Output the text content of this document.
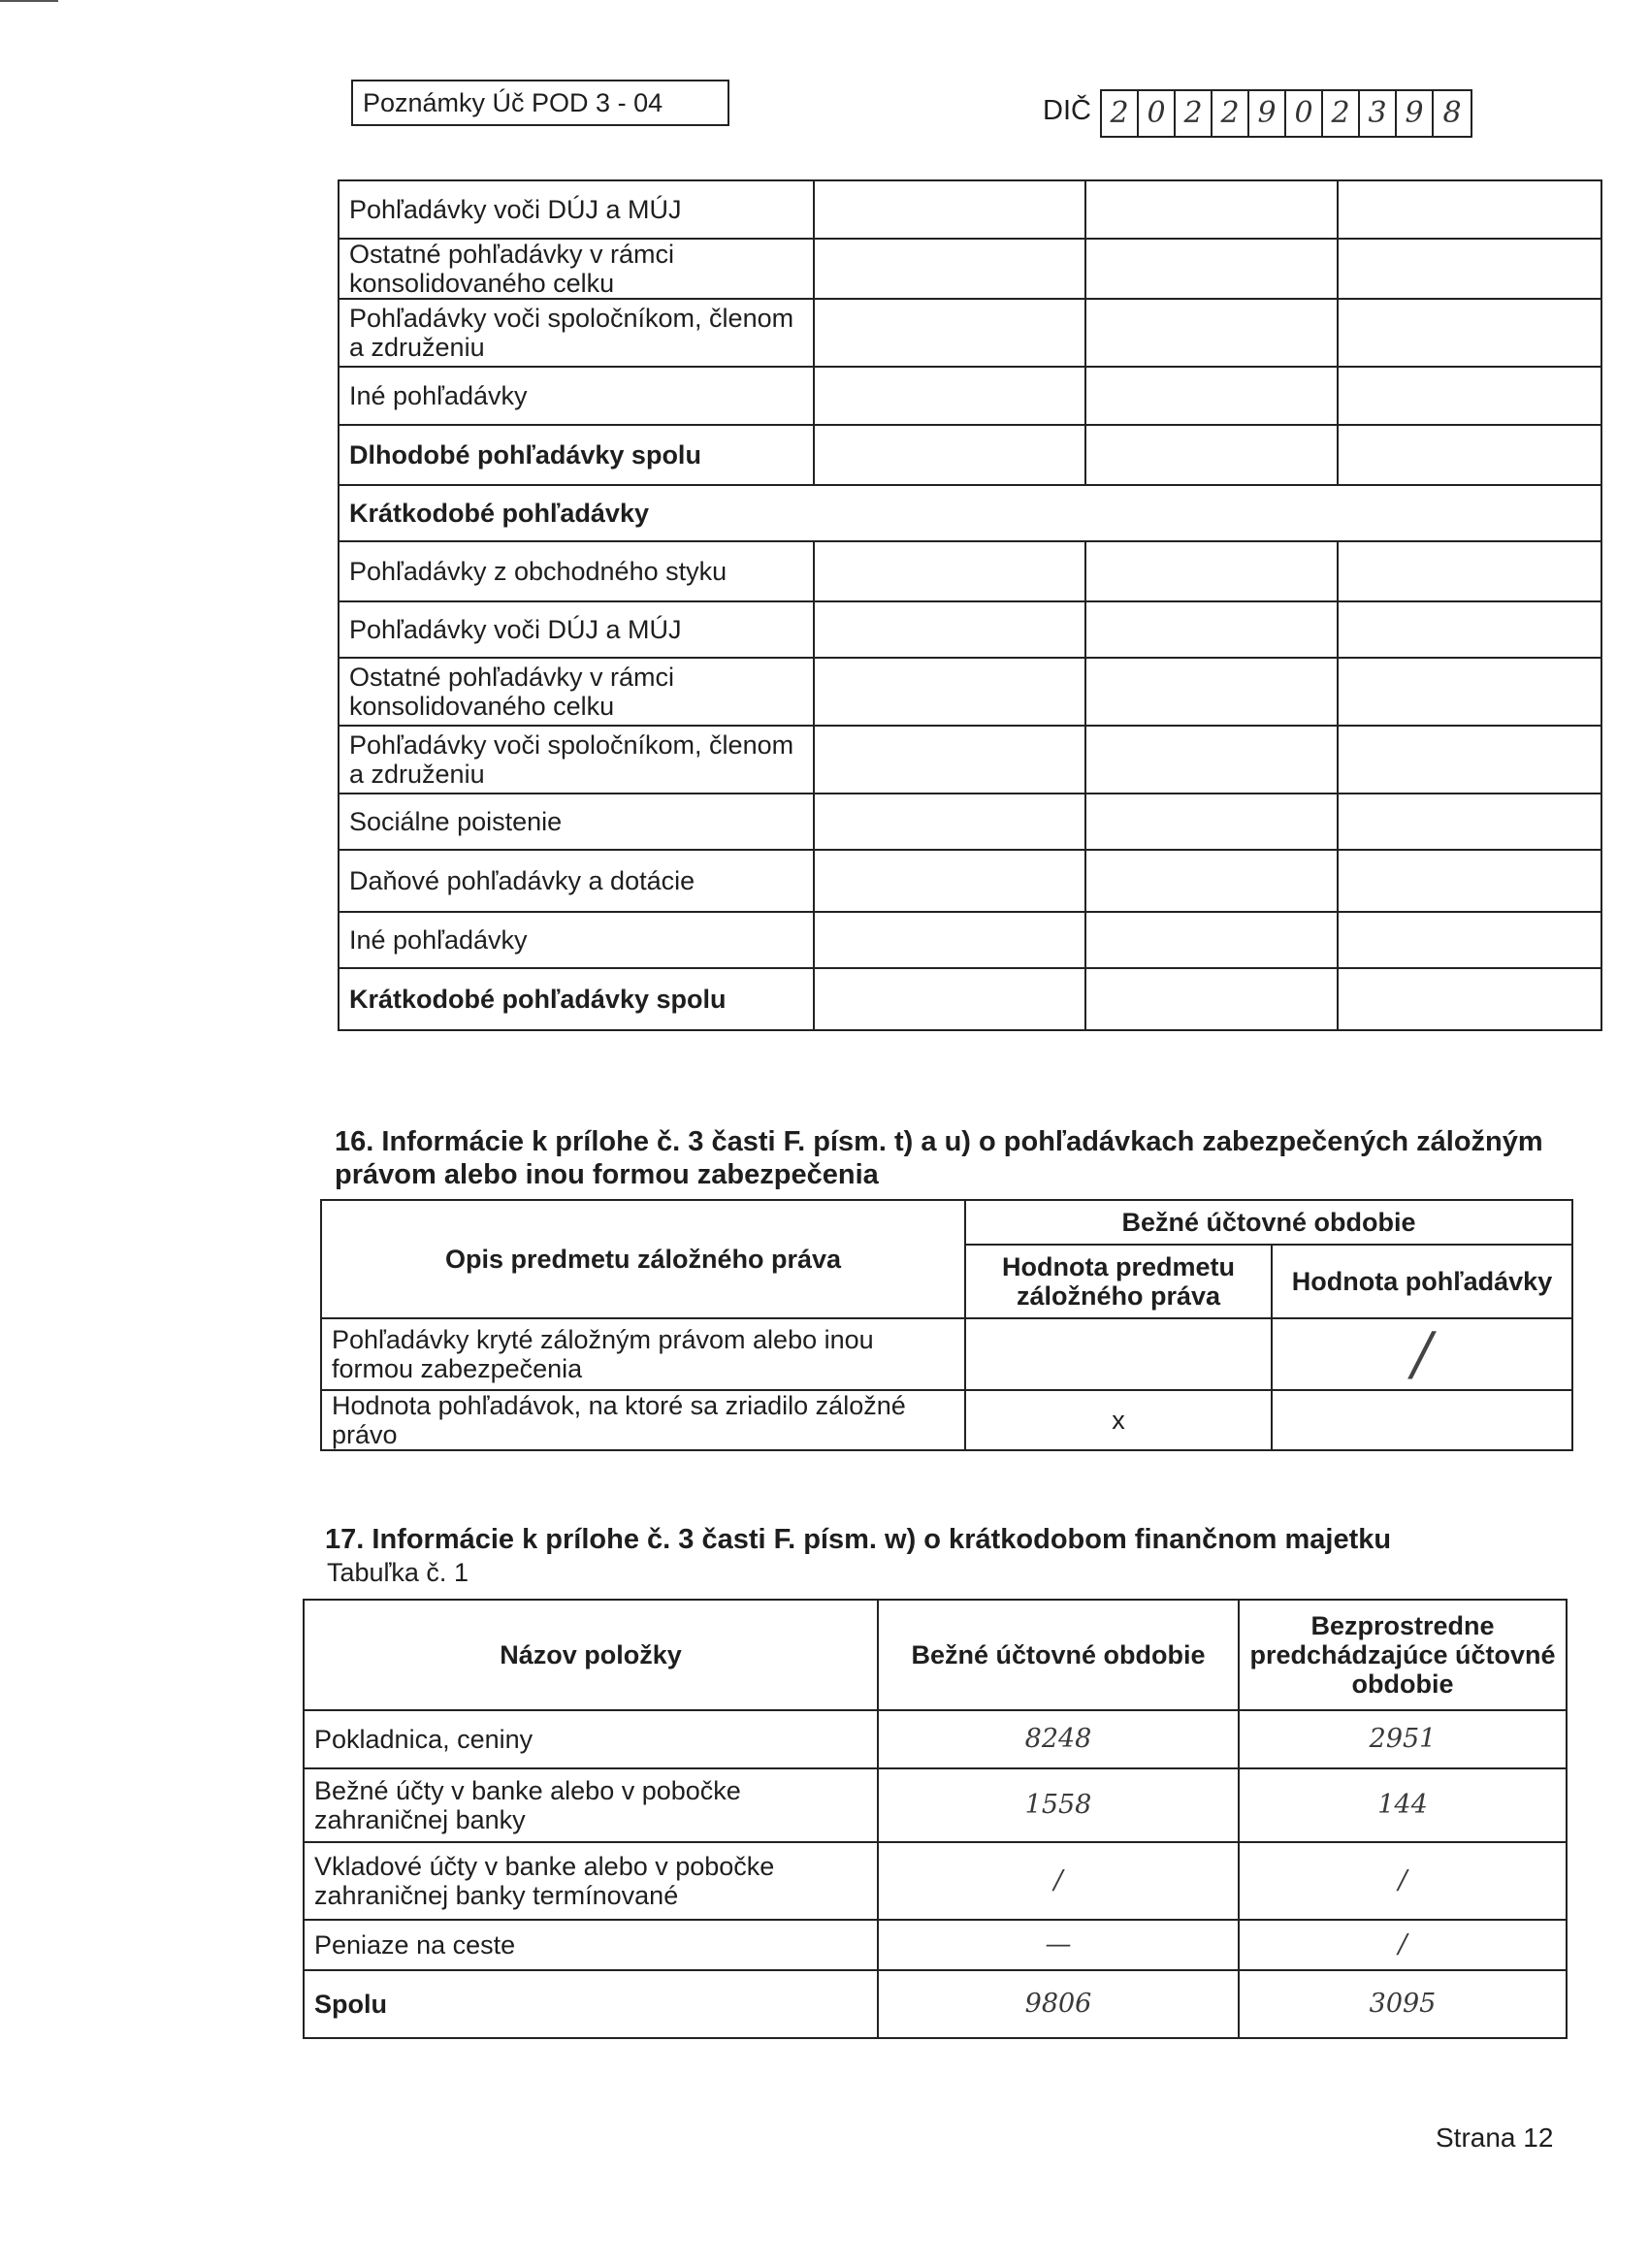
Poznámky Úč POD 3 - 04	DIČ 2 0 2 2 9 0 2 3 9 8
Pohľadávky voči DÚJ a MÚJ			
Ostatné pohľadávky v rámci konsolidovaného celku			
Pohľadávky voči spoločníkom, členom a združeniu			
Iné pohľadávky			
Dlhodobé pohľadávky spolu			
Krátkodobé pohľadávky			
Pohľadávky z obchodného styku			
Pohľadávky voči DÚJ a MÚJ			
Ostatné pohľadávky v rámci konsolidovaného celku			
Pohľadávky voči spoločníkom, členom a združeniu			
Sociálne poistenie			
Daňové pohľadávky a dotácie			
Iné pohľadávky			
Krátkodobé pohľadávky spolu			
16. Informácie k prílohe č. 3 časti F. písm. t) a u) o pohľadávkach zabezpečených záložným právom alebo inou formou zabezpečenia
Opis predmetu záložného práva	Bežné účtovné obdobie	
	Hodnota predmetu záložného práva	Hodnota pohľadávky
Pohľadávky kryté záložným právom alebo inou formou zabezpečenia		/
Hodnota pohľadávok, na ktoré sa zriadilo záložné právo	x	
17. Informácie k prílohe č. 3 časti F. písm. w) o krátkodobom finančnom majetku
Tabuľka č. 1
Názov položky	Bežné účtovné obdobie	Bezprostredne predchádzajúce účtovné obdobie
Pokladnica, ceniny	8248	2951
Bežné účty v banke alebo v pobočke zahraničnej banky	1558	144
Vkladové účty v banke alebo v pobočke zahraničnej banky termínované	/	/
Peniaze na ceste	—	/
Spolu	9806	3095
Strana 12
